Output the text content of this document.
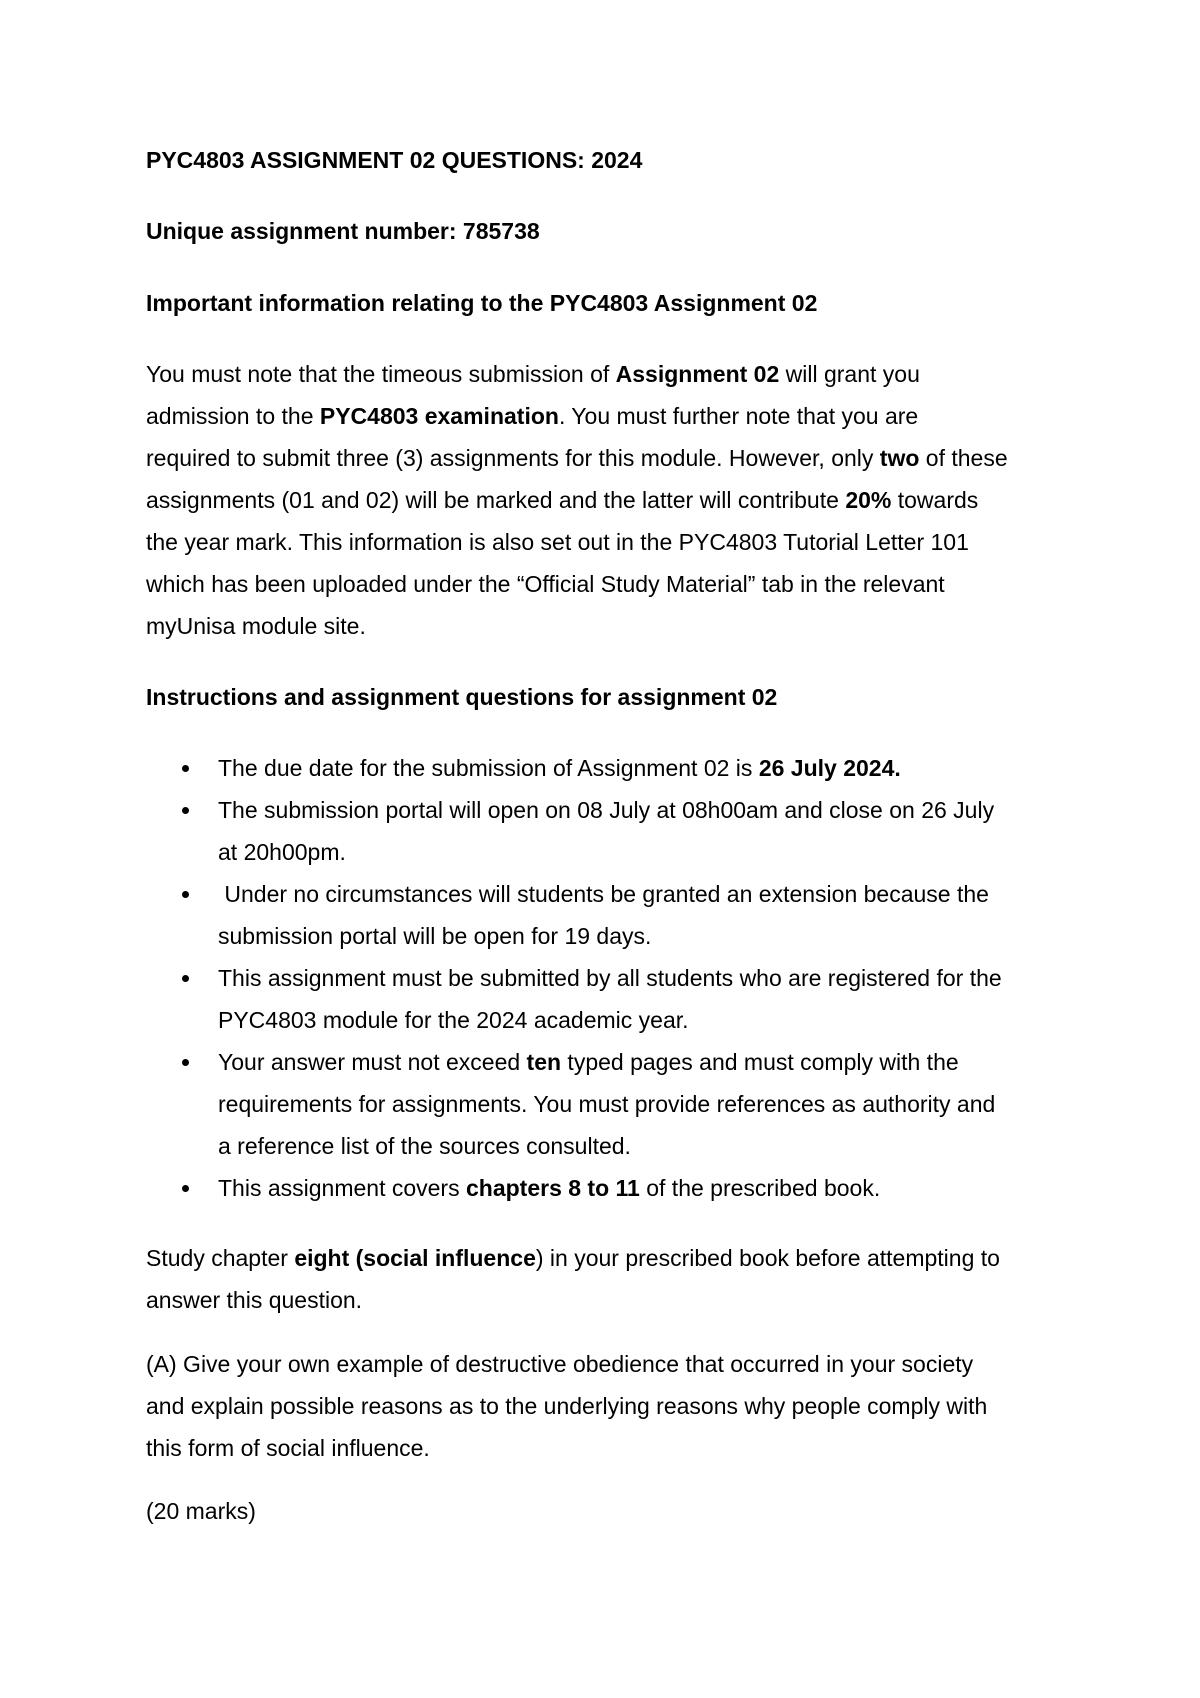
PYC4803 ASSIGNMENT 02 QUESTIONS: 2024
Unique assignment number: 785738
Important information relating to the PYC4803 Assignment 02
You must note that the timeous submission of Assignment 02 will grant you
admission to the PYC4803 examination. You must further note that you are
required to submit three (3) assignments for this module. However, only two of these
assignments (01 and 02) will be marked and the latter will contribute 20% towards
the year mark. This information is also set out in the PYC4803 Tutorial Letter 101
which has been uploaded under the “Official Study Material” tab in the relevant
myUnisa module site.
Instructions and assignment questions for assignment 02
The due date for the submission of Assignment 02 is 26 July 2024.
The submission portal will open on 08 July at 08h00am and close on 26 July
at 20h00pm.
Under no circumstances will students be granted an extension because the
submission portal will be open for 19 days.
This assignment must be submitted by all students who are registered for the
PYC4803 module for the 2024 academic year.
Your answer must not exceed ten typed pages and must comply with the
requirements for assignments. You must provide references as authority and
a reference list of the sources consulted.
This assignment covers chapters 8 to 11 of the prescribed book.
Study chapter eight (social influence) in your prescribed book before attempting to
answer this question.
(A) Give your own example of destructive obedience that occurred in your society
and explain possible reasons as to the underlying reasons why people comply with
this form of social influence.
(20 marks)
